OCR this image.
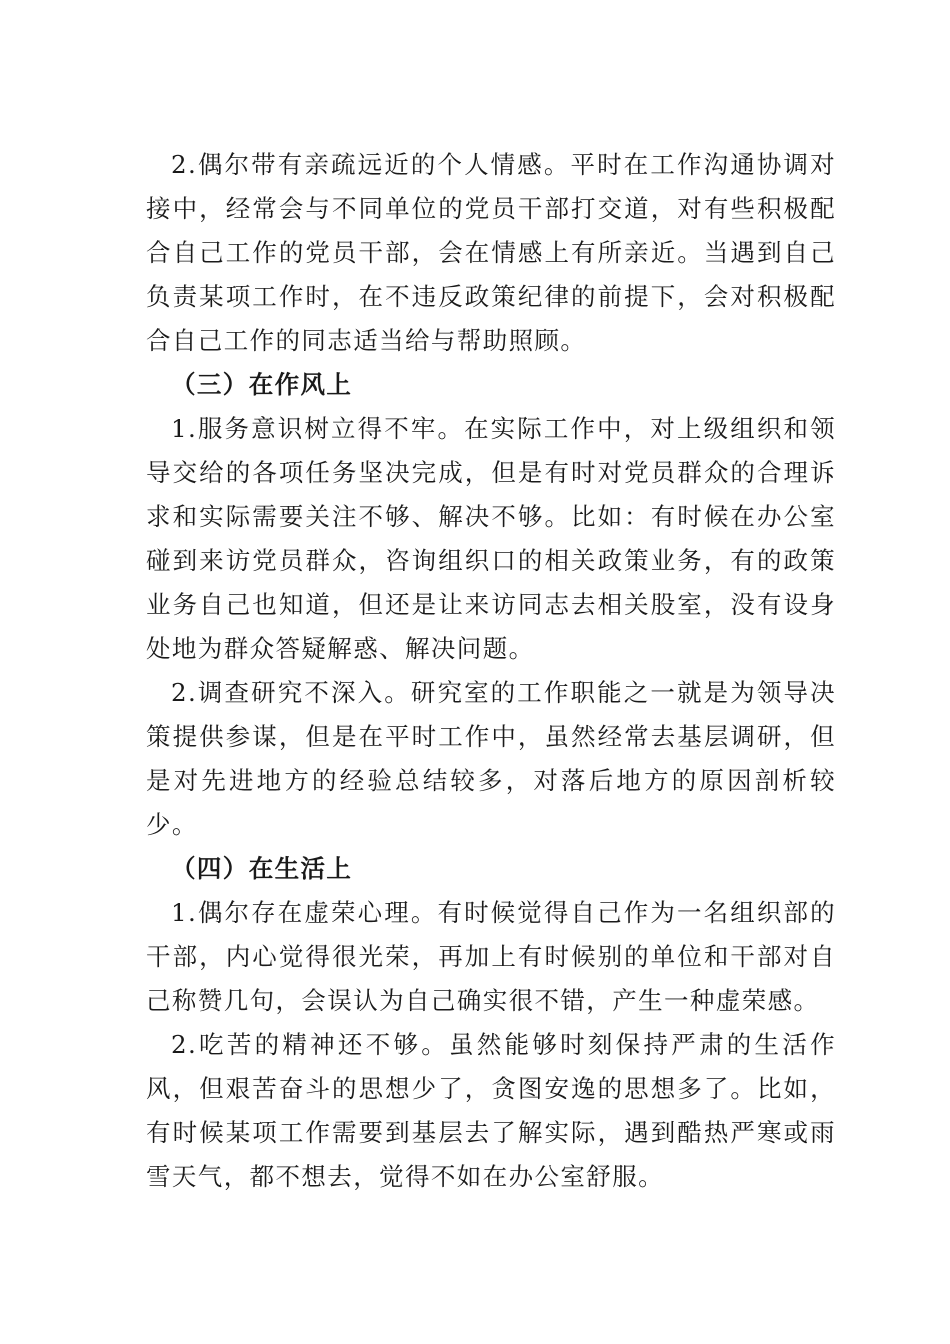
2.偶尔带有亲疏远近的个人情感。平时在工作沟通协调对接中，经常会与不同单位的党员干部打交道，对有些积极配合自己工作的党员干部，会在情感上有所亲近。当遇到自己负责某项工作时，在不违反政策纪律的前提下，会对积极配合自己工作的同志适当给与帮助照顾。

（三）在作风上

1.服务意识树立得不牢。在实际工作中，对上级组织和领导交给的各项任务坚决完成，但是有时对党员群众的合理诉求和实际需要关注不够、解决不够。比如：有时候在办公室碰到来访党员群众，咨询组织口的相关政策业务，有的政策业务自己也知道，但还是让来访同志去相关股室，没有设身处地为群众答疑解惑、解决问题。

2.调查研究不深入。研究室的工作职能之一就是为领导决策提供参谋，但是在平时工作中，虽然经常去基层调研，但是对先进地方的经验总结较多，对落后地方的原因剖析较少。

（四）在生活上

1.偶尔存在虚荣心理。有时候觉得自己作为一名组织部的干部，内心觉得很光荣，再加上有时候别的单位和干部对自己称赞几句，会误认为自己确实很不错，产生一种虚荣感。

2.吃苦的精神还不够。虽然能够时刻保持严肃的生活作风，但艰苦奋斗的思想少了，贪图安逸的思想多了。比如，有时候某项工作需要到基层去了解实际，遇到酷热严寒或雨雪天气，都不想去，觉得不如在办公室舒服。
